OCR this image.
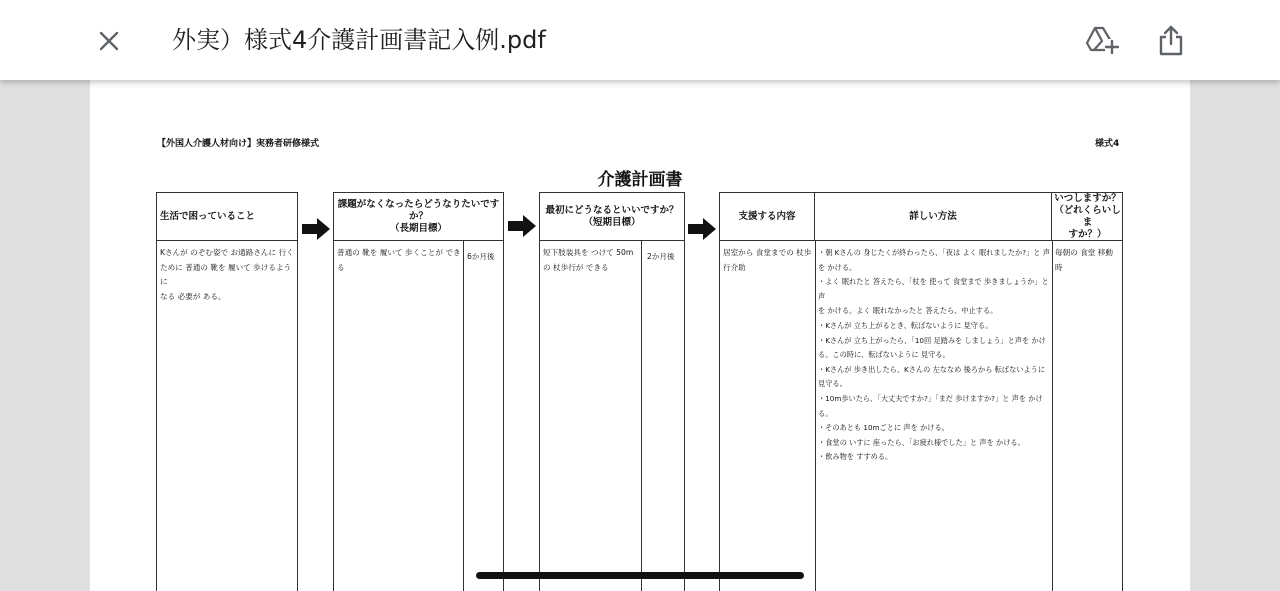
外実）様式4介護計画書記入例.pdf
【外国人介護人材向け】実務者研修様式	様式4
介護計画書
生活で困っていること
Kさんが のぞむ姿で お通路さんに 行く
ために 普通の 靴を 履いて 歩けるように
なる 必要が ある。
課題がなくなったらどうなりたいですか？
（長期目標）
普通の 靴を 履いて 歩くことが でき
る
6か月後
最初にどうなるといいですか？
（短期目標）
短下肢装具を つけて 50m
の 杖歩行が できる
2か月後
支援する内容	詳しい方法
いつしますか？
（どれくらいしま
すか？）
居室から 食堂までの 杖歩
行介助
・朝 Kさんの 身じたくが終わったら、「夜は よく 眠れましたか?」と 声
を かける。
・よく 眠れたと 答えたら、「杖を 使って 食堂まで 歩きましょうか」と声
を かける。よく 眠れなかったと 答えたら、中止する。
・Kさんが 立ち上がるとき、転ばないように 見守る。
・Kさんが 立ち上がったら、「10回 足踏みを しましょう」と声を かけ
る。この時に、転ばないように 見守る。
・Kさんが 歩き出したら、Kさんの 左ななめ 後ろから 転ばないように
見守る。
・10m歩いたら、「大丈夫ですか?」「まだ 歩けますか?」と 声を かけ
る。
・そのあとも 10mごとに 声を かける。
・食堂の いすに 座ったら、「お疲れ様でした」と 声を かける。
・飲み物を すすめる。
毎朝の 食堂 移動
時
